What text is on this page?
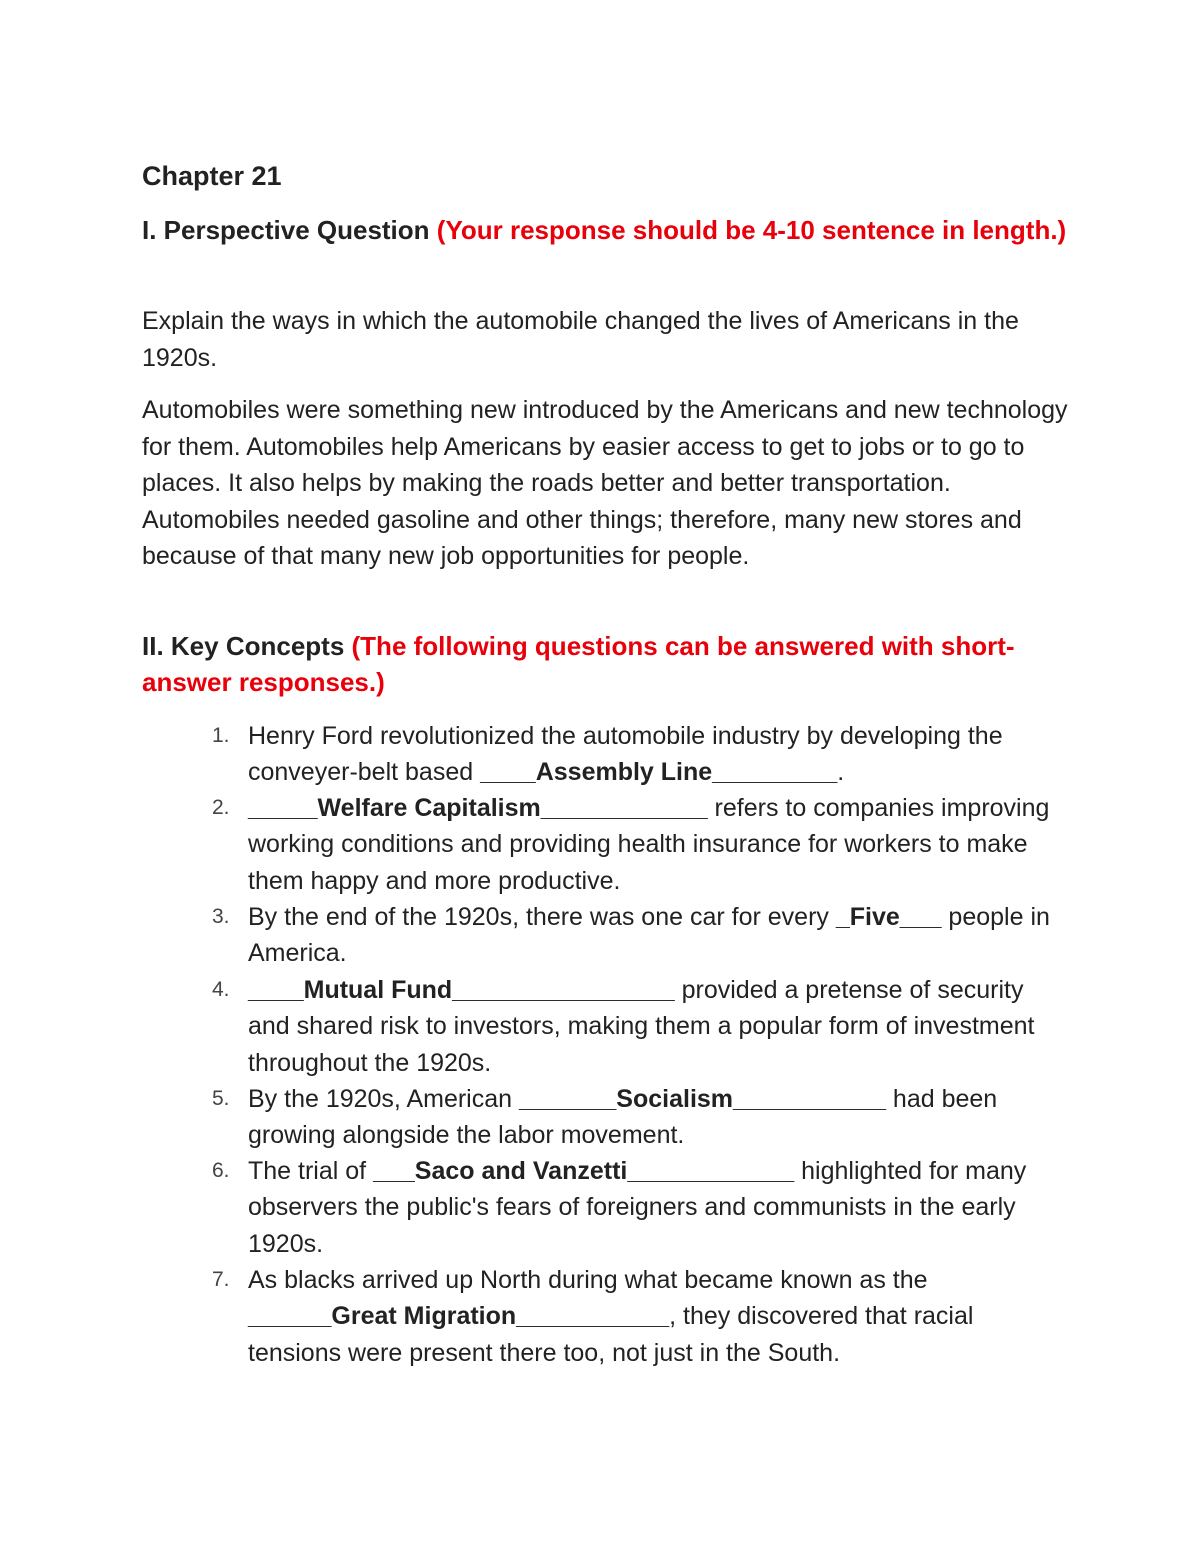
Chapter 21

I. Perspective Question (Your response should be 4-10 sentence in length.)

Explain the ways in which the automobile changed the lives of Americans in the 1920s.

Automobiles were something new introduced by the Americans and new technology for them. Automobiles help Americans by easier access to get to jobs or to go to places. It also helps by making the roads better and better transportation. Automobiles needed gasoline and other things; therefore, many new stores and because of that many new job opportunities for people.

II. Key Concepts (The following questions can be answered with short-answer responses.)

1. Henry Ford revolutionized the automobile industry by developing the conveyer-belt based ____Assembly Line_________.
2. _____Welfare Capitalism____________ refers to companies improving working conditions and providing health insurance for workers to make them happy and more productive.
3. By the end of the 1920s, there was one car for every _Five___ people in America.
4. ____Mutual Fund________________ provided a pretense of security and shared risk to investors, making them a popular form of investment throughout the 1920s.
5. By the 1920s, American _______Socialism___________ had been growing alongside the labor movement.
6. The trial of ___Saco and Vanzetti____________ highlighted for many observers the public's fears of foreigners and communists in the early 1920s.
7. As blacks arrived up North during what became known as the ______Great Migration___________, they discovered that racial tensions were present there too, not just in the South.
